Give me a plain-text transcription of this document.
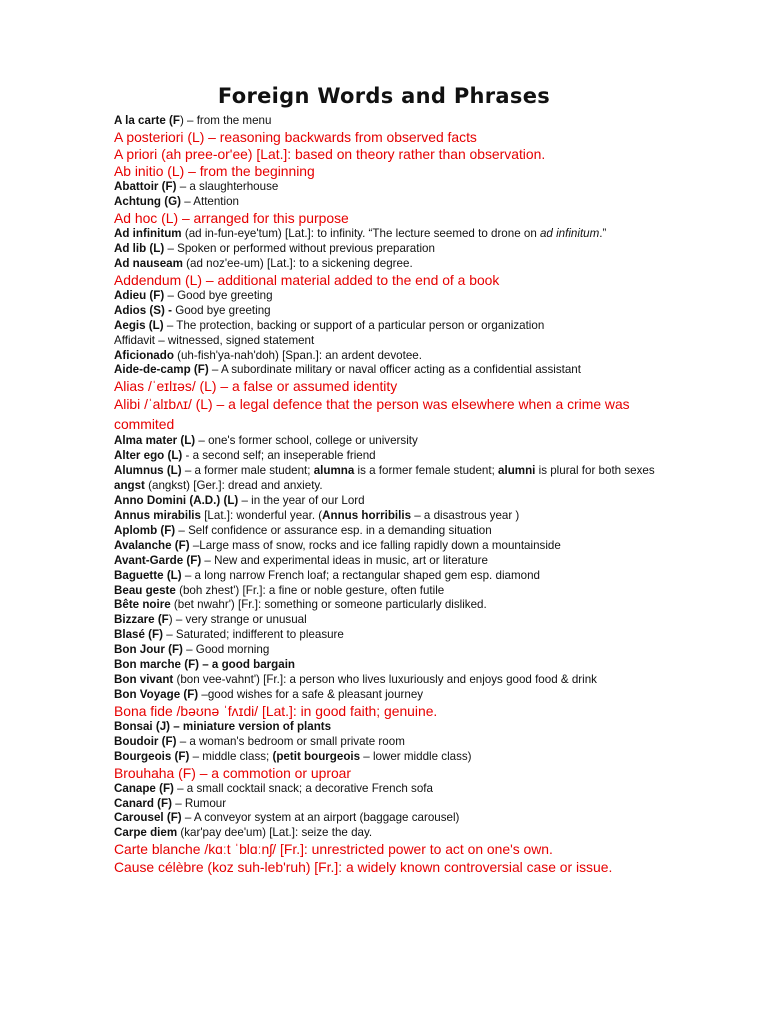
Foreign Words and Phrases

A la carte (F) – from the menu

A posteriori (L) – reasoning backwards from observed facts

A priori (ah pree-or'ee) [Lat.]: based on theory rather than observation.

Ab initio (L) – from the beginning

Abattoir (F) – a slaughterhouse

Achtung (G) – Attention

Ad hoc (L) – arranged for this purpose

Ad infinitum (ad in-fun-eye'tum) [Lat.]: to infinity. “The lecture seemed to drone on ad infinitum.”

Ad lib (L) – Spoken or performed without previous preparation

Ad nauseam (ad noz'ee-um) [Lat.]: to a sickening degree.

Addendum (L) – additional material added to the end of a book

Adieu (F) – Good bye greeting

Adios (S) - Good bye greeting

Aegis (L) – The protection, backing or support of a particular person or organization

Affidavit – witnessed, signed statement

Aficionado (uh-fish'ya-nah'doh) [Span.]: an ardent devotee.

Aide-de-camp (F) – A subordinate military or naval officer acting as a confidential assistant

Alias /ˈeɪlɪəs/ (L) – a false or assumed identity

Alibi /ˈalɪbʌɪ/ (L) – a legal defence that the person was elsewhere when a crime was commited

Alma mater (L) – one's former school, college or university

Alter ego (L) - a second self; an inseperable friend

Alumnus (L) – a former male student; alumna is a former female student; alumni is plural for both sexes

angst (angkst) [Ger.]: dread and anxiety.

Anno Domini (A.D.) (L) – in the year of our Lord

Annus mirabilis [Lat.]: wonderful year. (Annus horribilis – a disastrous year )

Aplomb (F) – Self confidence or assurance esp. in a demanding situation

Avalanche (F) –Large mass of snow, rocks and ice falling rapidly down a mountainside

Avant-Garde (F) – New and experimental ideas in music, art or literature

Baguette (L) – a long narrow French loaf; a rectangular shaped gem esp. diamond

Beau geste (boh zhest') [Fr.]: a fine or noble gesture, often futile

Bête noire (bet nwahr') [Fr.]: something or someone particularly disliked.

Bizzare (F) – very strange or unusual

Blasé (F) – Saturated; indifferent to pleasure

Bon Jour (F) – Good morning

Bon marche (F) – a good bargain

Bon vivant (bon vee-vahnt') [Fr.]: a person who lives luxuriously and enjoys good food & drink

Bon Voyage (F) –good wishes for a safe & pleasant journey

Bona fide /bəʊnə ˈfʌɪdi/ [Lat.]: in good faith; genuine.

Bonsai (J) – miniature version of plants

Boudoir (F) – a woman's bedroom or small private room

Bourgeois (F) – middle class; (petit bourgeois – lower middle class)

Brouhaha (F) – a commotion or uproar

Canape (F) – a small cocktail snack; a decorative French sofa

Canard (F) – Rumour

Carousel (F) – A conveyor system at an airport (baggage carousel)

Carpe diem (kar'pay dee'um) [Lat.]: seize the day.

Carte blanche /kɑːt ˈblɑːnʃ/ [Fr.]: unrestricted power to act on one's own.

Cause célèbre (koz suh-leb'ruh) [Fr.]: a widely known controversial case or issue.
